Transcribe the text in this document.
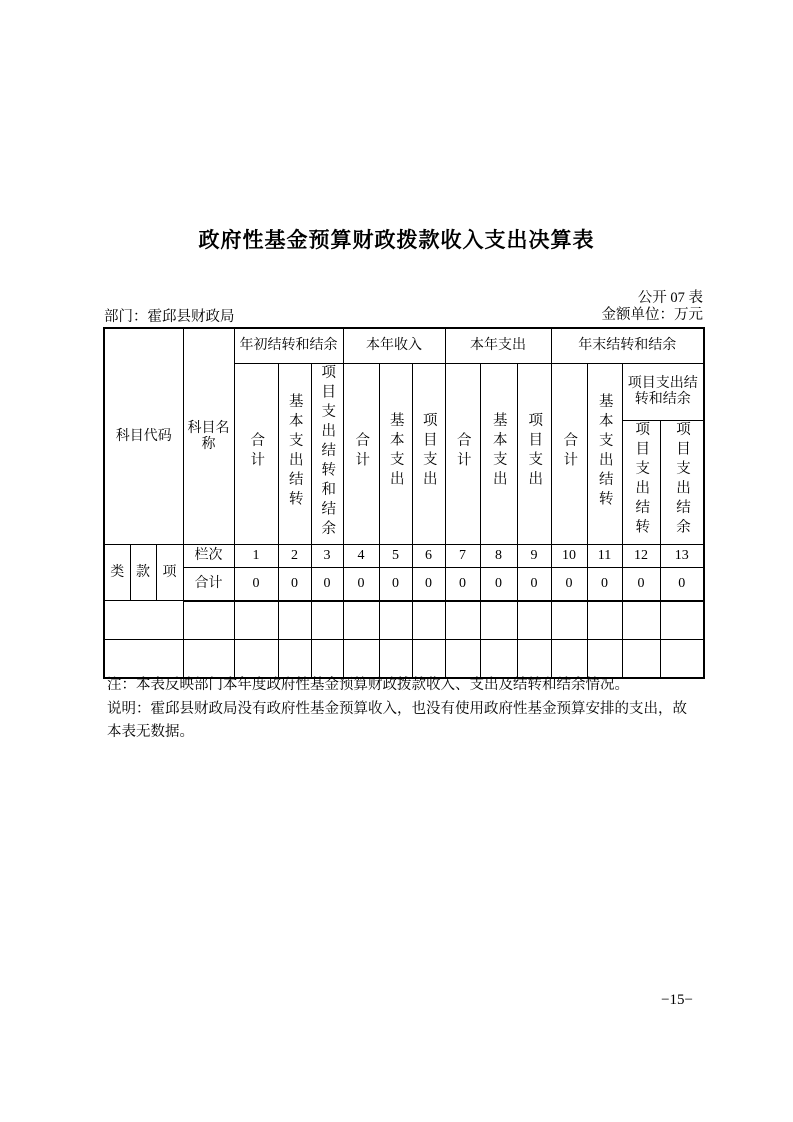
政府性基金预算财政拨款收入支出决算表
公开 07 表
金额单位：万元
部门：霍邱县财政局
科目代码			科目名称	年初结转和结余			本年收入			本年支出			年末结转和结余			
				合计	基本支出结转	项目支出结转和结余	合计	基本支出	项目支出	合计	基本支出	项目支出	合计	基本支出结转	项目支出结转和结余	
															项目支出结转	项目支出结余
类	款	项	栏次	1	2	3	4	5	6	7	8	9	10	11	12	13
			合计	0	0	0	0	0	0	0	0	0	0	0	0	0

注：本表反映部门本年度政府性基金预算财政拨款收入、支出及结转和结余情况。
说明：霍邱县财政局没有政府性基金预算收入，也没有使用政府性基金预算安排的支出，故本表无数据。
−15−
